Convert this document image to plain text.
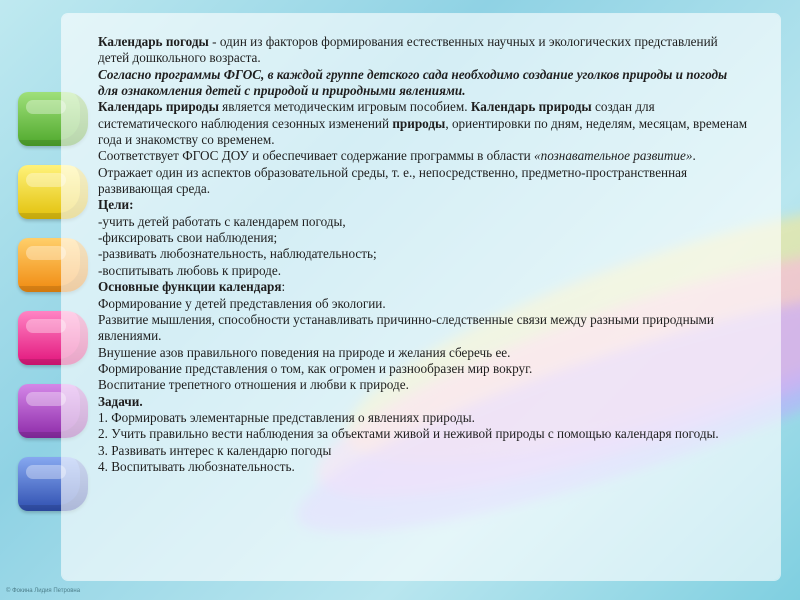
Календарь погоды - один из факторов формирования естественных научных и экологических представлений детей дошкольного возраста.

Согласно программы ФГОС, в каждой группе детского сада необходимо создание уголков природы и погоды для ознакомления детей с природой и природными явлениями.

Календарь природы является методическим игровым пособием. Календарь природы создан для систематического наблюдения сезонных изменений природы, ориентировки по дням, неделям, месяцам, временам года и знакомству со временем.

Соответствует ФГОС ДОУ и обеспечивает содержание программы в области «познавательное развитие». Отражает один из аспектов образовательной среды, т. е., непосредственно, предметно-пространственная развивающая среда.

Цели:

-учить детей работать с календарем погоды,

-фиксировать свои наблюдения;

-развивать любознательность, наблюдательность;

-воспитывать любовь к природе.

Основные функции календаря:

Формирование у детей представления об экологии.

Развитие мышления, способности устанавливать причинно-следственные связи между разными природными явлениями.

Внушение азов правильного поведения на природе и желания сберечь ее.

Формирование представления о том, как огромен и разнообразен мир вокруг.

Воспитание трепетного отношения и любви к природе.

Задачи.

1. Формировать элементарные представления о явлениях природы.

2. Учить правильно вести наблюдения за объектами живой и неживой природы с помощью календаря погоды.

3. Развивать интерес к календарю погоды

4. Воспитывать любознательность.

© Фокина Лидия Петровна
